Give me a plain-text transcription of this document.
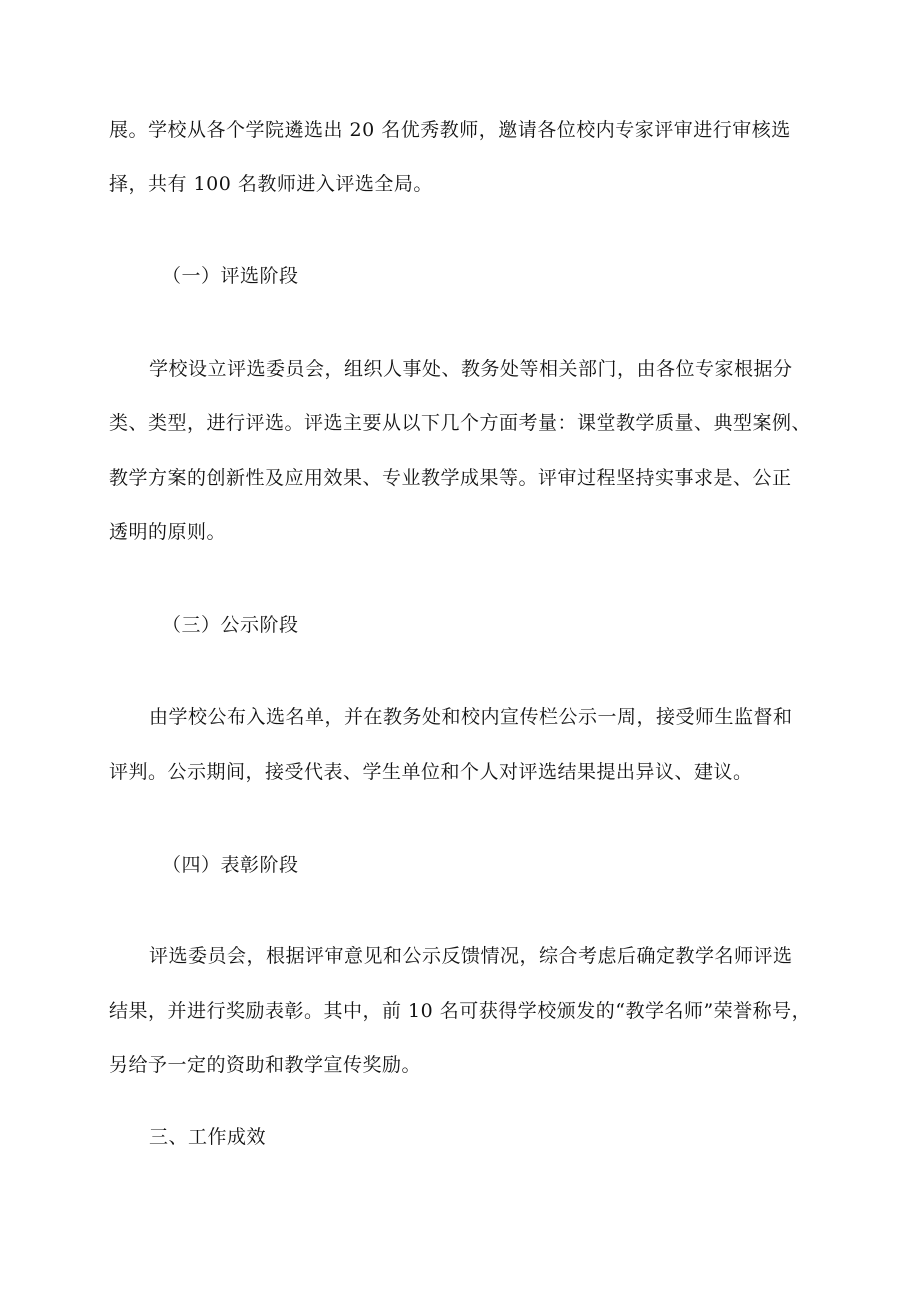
展。学校从各个学院遴选出 20 名优秀教师，邀请各位校内专家评审进行审核选

择，共有 100 名教师进入评选全局。

（一）评选阶段

学校设立评选委员会，组织人事处、教务处等相关部门，由各位专家根据分

类、类型，进行评选。评选主要从以下几个方面考量：课堂教学质量、典型案例、

教学方案的创新性及应用效果、专业教学成果等。评审过程坚持实事求是、公正

透明的原则。

（三）公示阶段

由学校公布入选名单，并在教务处和校内宣传栏公示一周，接受师生监督和

评判。公示期间，接受代表、学生单位和个人对评选结果提出异议、建议。

（四）表彰阶段

评选委员会，根据评审意见和公示反馈情况，综合考虑后确定教学名师评选

结果，并进行奖励表彰。其中，前 10 名可获得学校颁发的“教学名师”荣誉称号，

另给予一定的资助和教学宣传奖励。

三、工作成效
